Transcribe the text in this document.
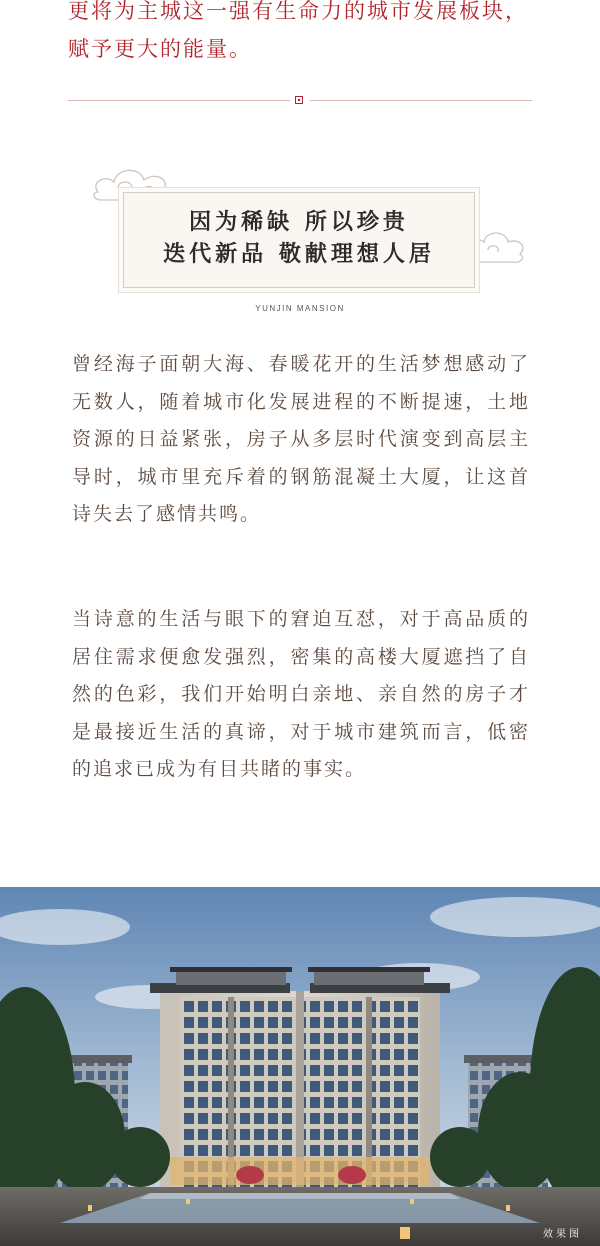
更将为主城这一强有生命力的城市发展板块，

赋予更大的能量。

因为稀缺 所以珍贵
迭代新品 敬献理想人居
YUNJIN MANSION
曾经海子面朝大海、春暖花开的生活梦想感动了无数人，随着城市化发展进程的不断提速，土地资源的日益紧张，房子从多层时代演变到高层主导时，城市里充斥着的钢筋混凝土大厦，让这首诗失去了感情共鸣。
当诗意的生活与眼下的窘迫互怼，对于高品质的居住需求便愈发强烈，密集的高楼大厦遮挡了自然的色彩，我们开始明白亲地、亲自然的房子才是最接近生活的真谛，对于城市建筑而言，低密的追求已成为有目共睹的事实。
效果图
